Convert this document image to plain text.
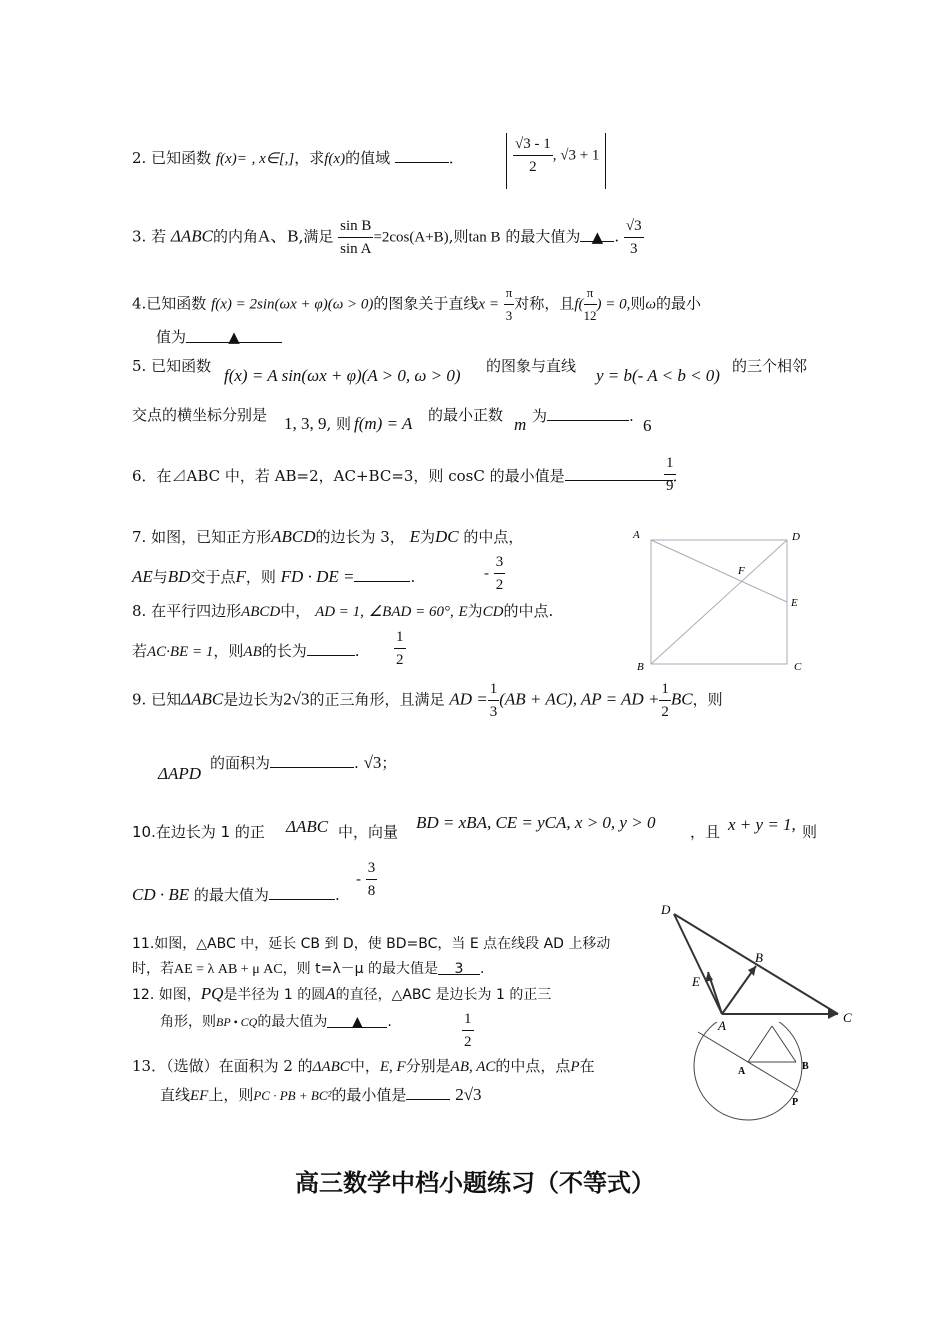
2. 已知函数 f(x)= , x∈[,]，求f(x)的值域	．	$\frac{√3 - 1}{2}$ , √3 + 1
3. 若 ΔABC的内角A、B,满足 $\frac{\text{sin B}}{\text{sin A}} =2\cos(A+B)$,则tan B 的最大值为 ▲ . $\frac{√3}{3}$
4.已知函数 f(x) = 2sin(ωx + φ)(ω > 0)的图象关于直线$x = \frac{\pi}{3}$ 对称，且$f( \frac{\pi}{12}$ ) = 0,则ω的最小
值为	▲
5. 已知函数 f(x) = A sin(ωx + φ)(A > 0, ω > 0) 的图象与直线 y = b(- A < b < 0) 的三个相邻
交点的横坐标分别是 1, 3, 9, 则 f(m) = A 的最小正数 m 为	. 6
6．在⊿ABC 中，若 AB=2，AC+BC=3，则 cosC 的最小值是	．
$\frac{1}{9}$
7. 如图，已知正方形ABCD的边长为 3， E为DC 的中点，
AE与BD交于点F，则 FD · DE =	.	- $\frac{3}{2}$
A	D
F
E
B	C
8. 在平行四边形ABCD中， AD = 1, ∠BAD = 60°, E为CD的中点.
若AC·BE = 1，则AB的长为	. $\frac{1}{2}$
9. 已知ΔABC是边长为2√3的正三角形，且满足 AD = $\frac{1}{3} (AB + AC)$, AP = AD + $\frac{1}{2}$ BC，则
的面积为	. √3；
ΔAPD
10.在边长为 1 的正 ΔABC 中，向量 BD = xBA, CE = yCA, x > 0, y > 0 ，且 x + y = 1, 则
CD · BE 的最大值为	.
- $\frac{3}{8}$
11.如图，△ABC 中，延长 CB 到 D，使 BD=BC，当 E 点在线段 AD 上移动
时，若AE = λ AB + μ AC，则 t=λ－μ 的最大值是 3 .
D
B
E
A
C
12. 如图，PQ是半径为 1 的圆A的直径，△ABC 是边长为 1 的正三
角形，则BP • CQ的最大值为 ▲ .	$\frac{1}{2}$
A	B
P
13．（选做）在面积为 2 的ΔABC中，E, F分别是AB, AC的中点，点P在
直线EF上，则PC · PB + BC²的最小值是	2√3
高三数学中档小题练习（不等式）
